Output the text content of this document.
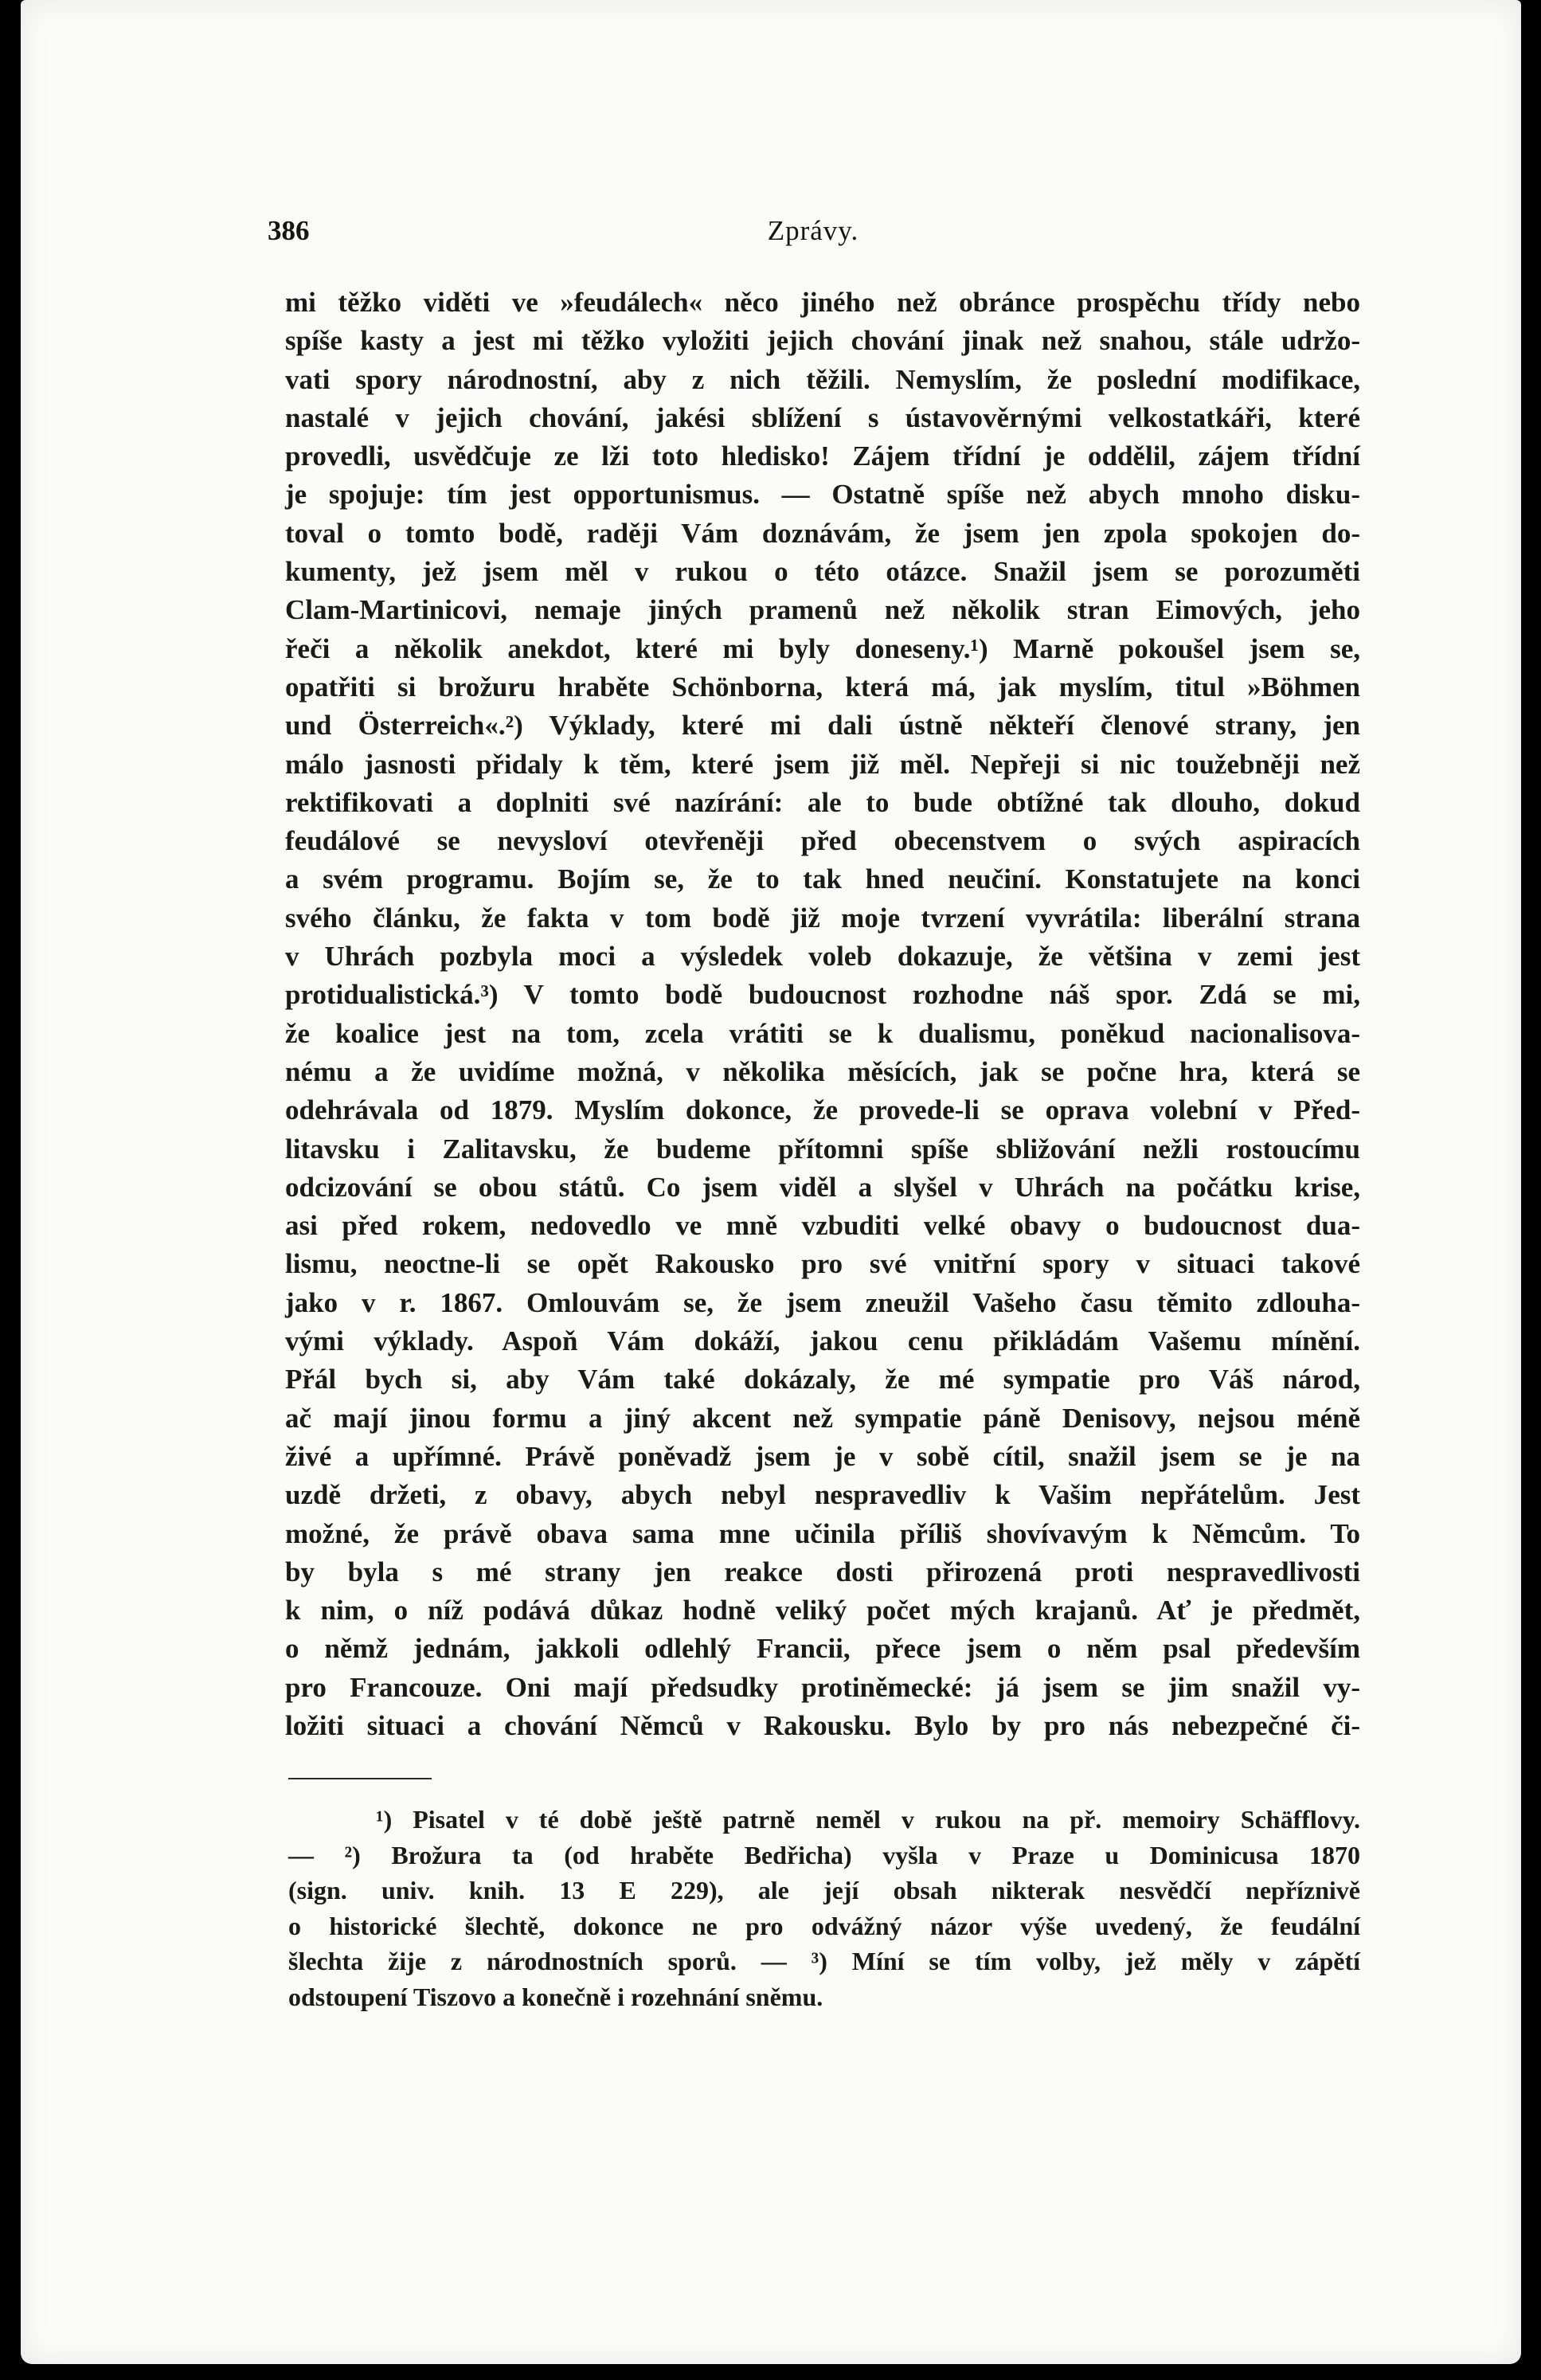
386	Zprávy.
mi těžko viděti ve »feudálech« něco jiného než obránce prospěchu třídy nebo
spíše kasty a jest mi těžko vyložiti jejich chování jinak než snahou, stále udržo-
vati spory národnostní, aby z nich těžili. Nemyslím, že poslední modifikace,
nastalé v jejich chování, jakési sblížení s ústavověrnými velkostatkáři, které
provedli, usvědčuje ze lži toto hledisko! Zájem třídní je oddělil, zájem třídní
je spojuje: tím jest opportunismus. — Ostatně spíše než abych mnoho disku-
toval o tomto bodě, raději Vám doznávám, že jsem jen zpola spokojen do-
kumenty, jež jsem měl v rukou o této otázce. Snažil jsem se porozuměti
Clam-Martinicovi, nemaje jiných pramenů než několik stran Eimových, jeho
řeči a několik anekdot, které mi byly doneseny.¹) Marně pokoušel jsem se,
opatřiti si brožuru hraběte Schönborna, která má, jak myslím, titul »Böhmen
und Österreich«.²) Výklady, které mi dali ústně někteří členové strany, jen
málo jasnosti přidaly k těm, které jsem již měl. Nepřeji si nic toužebněji než
rektifikovati a doplniti své nazírání: ale to bude obtížné tak dlouho, dokud
feudálové se nevysloví otevřeněji před obecenstvem o svých aspiracích
a svém programu. Bojím se, že to tak hned neučiní. Konstatujete na konci
svého článku, že fakta v tom bodě již moje tvrzení vyvrátila: liberální strana
v Uhrách pozbyla moci a výsledek voleb dokazuje, že většina v zemi jest
protidualistická.³) V tomto bodě budoucnost rozhodne náš spor. Zdá se mi,
že koalice jest na tom, zcela vrátiti se k dualismu, poněkud nacionalisova-
nému a že uvidíme možná, v několika měsících, jak se počne hra, která se
odehrávala od 1879. Myslím dokonce, že provede-li se oprava volební v Před-
litavsku i Zalitavsku, že budeme přítomni spíše sbližování nežli rostoucímu
odcizování se obou států. Co jsem viděl a slyšel v Uhrách na počátku krise,
asi před rokem, nedovedlo ve mně vzbuditi velké obavy o budoucnost dua-
lismu, neoctne-li se opět Rakousko pro své vnitřní spory v situaci takové
jako v r. 1867. Omlouvám se, že jsem zneužil Vašeho času těmito zdlouha-
vými výklady. Aspoň Vám dokáží, jakou cenu přikládám Vašemu mínění.
Přál bych si, aby Vám také dokázaly, že mé sympatie pro Váš národ,
ač mají jinou formu a jiný akcent než sympatie páně Denisovy, nejsou méně
živé a upřímné. Právě poněvadž jsem je v sobě cítil, snažil jsem se je na
uzdě držeti, z obavy, abych nebyl nespravedliv k Vašim nepřátelům. Jest
možné, že právě obava sama mne učinila příliš shovívavým k Němcům. To
by byla s mé strany jen reakce dosti přirozená proti nespravedlivosti
k nim, o níž podává důkaz hodně veliký počet mých krajanů. Ať je předmět,
o němž jednám, jakkoli odlehlý Francii, přece jsem o něm psal především
pro Francouze. Oni mají předsudky protiněmecké: já jsem se jim snažil vy-
ložiti situaci a chování Němců v Rakousku. Bylo by pro nás nebezpečné či-
¹) Pisatel v té době ještě patrně neměl v rukou na př. memoiry Schäfflovy.
— ²) Brožura ta (od hraběte Bedřicha) vyšla v Praze u Dominicusa 1870
(sign. univ. knih. 13 E 229), ale její obsah nikterak nesvědčí nepříznivě
o historické šlechtě, dokonce ne pro odvážný názor výše uvedený, že feudální
šlechta žije z národnostních sporů. — ³) Míní se tím volby, jež měly v zápětí
odstoupení Tiszovo a konečně i rozehnání sněmu.
